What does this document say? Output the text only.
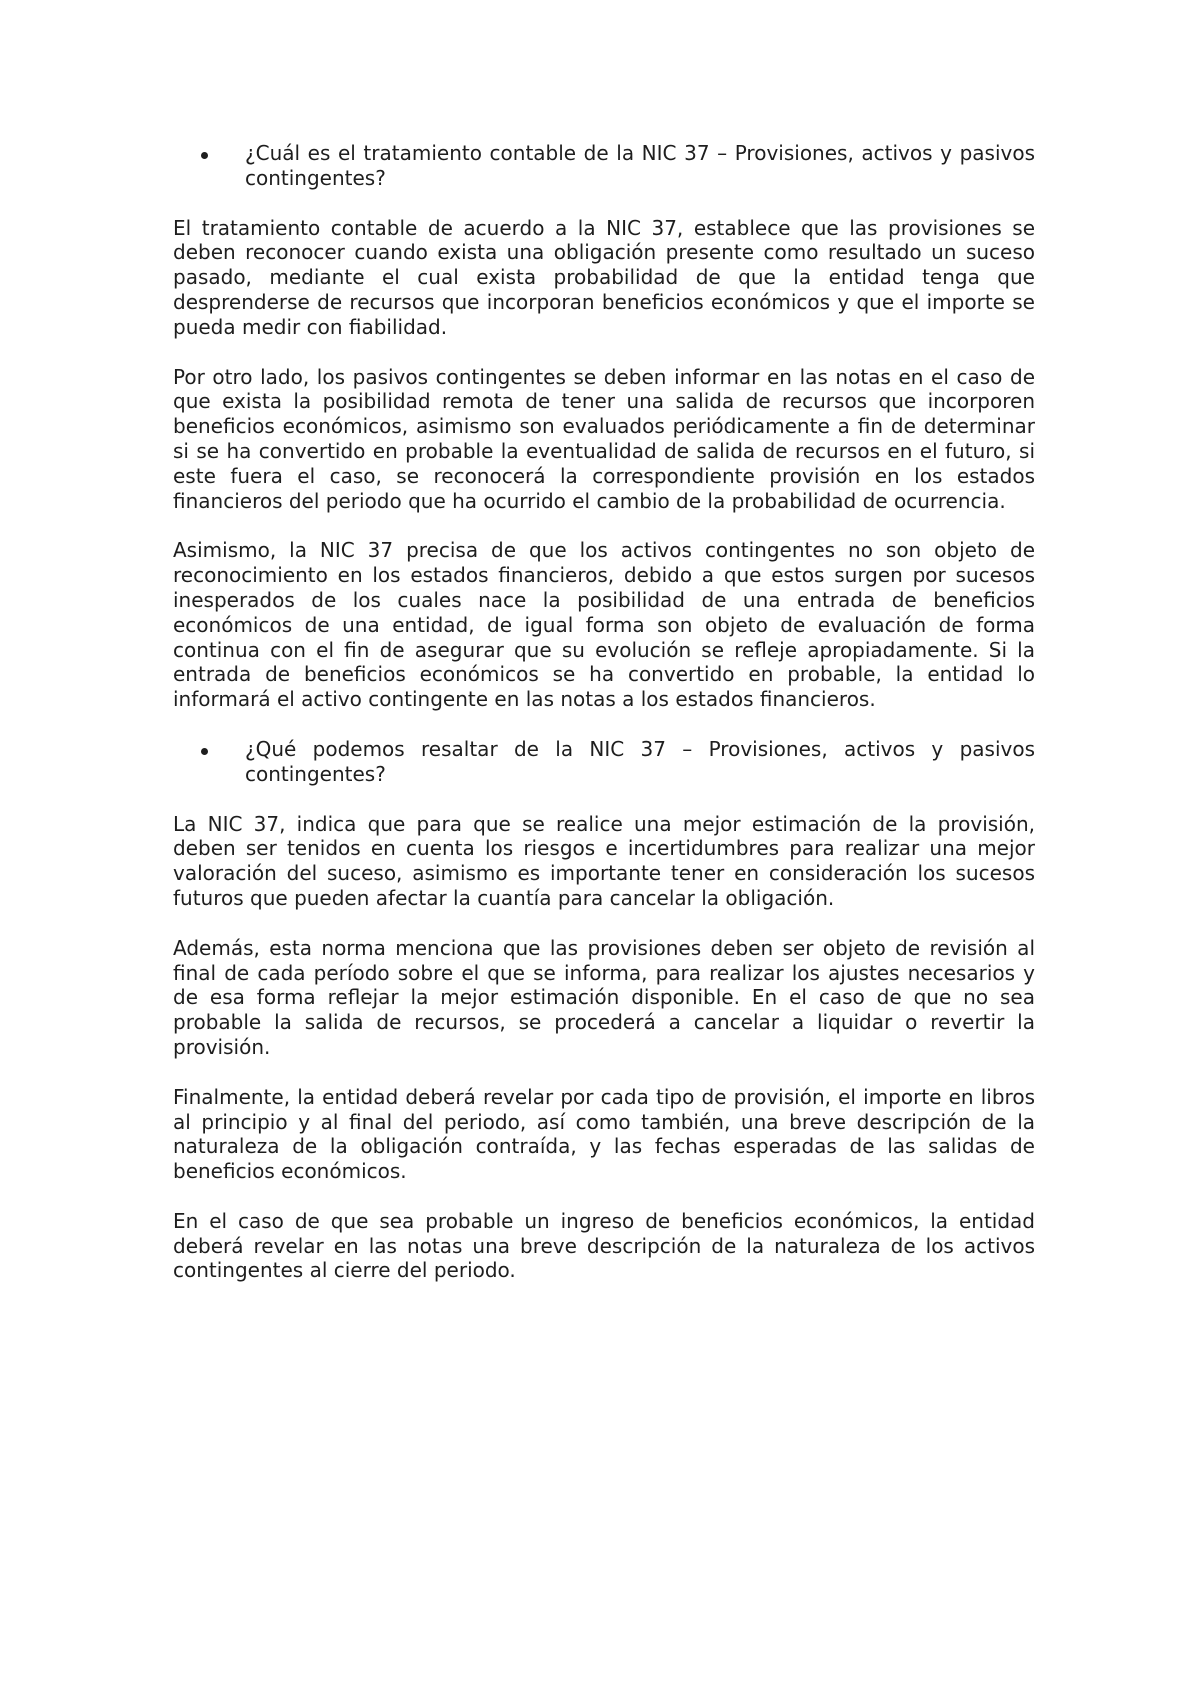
¿Cuál es el tratamiento contable de la NIC 37 – Provisiones, activos y pasivos contingentes?

El tratamiento contable de acuerdo a la NIC 37, establece que las provisiones se deben reconocer cuando exista una obligación presente como resultado un suceso pasado, mediante el cual exista probabilidad de que la entidad tenga que desprenderse de recursos que incorporan beneficios económicos y que el importe se pueda medir con fiabilidad.

Por otro lado, los pasivos contingentes se deben informar en las notas en el caso de que exista la posibilidad remota de tener una salida de recursos que incorporen beneficios económicos, asimismo son evaluados periódicamente a fin de determinar si se ha convertido en probable la eventualidad de salida de recursos en el futuro, si este fuera el caso, se reconocerá la correspondiente provisión en los estados financieros del periodo que ha ocurrido el cambio de la probabilidad de ocurrencia.

Asimismo, la NIC 37 precisa de que los activos contingentes no son objeto de reconocimiento en los estados financieros, debido a que estos surgen por sucesos inesperados de los cuales nace la posibilidad de una entrada de beneficios económicos de una entidad, de igual forma son objeto de evaluación de forma continua con el fin de asegurar que su evolución se refleje apropiadamente. Si la entrada de beneficios económicos se ha convertido en probable, la entidad lo informará el activo contingente en las notas a los estados financieros.

¿Qué podemos resaltar de la NIC 37 – Provisiones, activos y pasivos contingentes?

La NIC 37, indica que para que se realice una mejor estimación de la provisión, deben ser tenidos en cuenta los riesgos e incertidumbres para realizar una mejor valoración del suceso, asimismo es importante tener en consideración los sucesos futuros que pueden afectar la cuantía para cancelar la obligación.

Además, esta norma menciona que las provisiones deben ser objeto de revisión al final de cada período sobre el que se informa, para realizar los ajustes necesarios y de esa forma reflejar la mejor estimación disponible. En el caso de que no sea probable la salida de recursos, se procederá a cancelar a liquidar o revertir la provisión.

Finalmente, la entidad deberá revelar por cada tipo de provisión, el importe en libros al principio y al final del periodo, así como también, una breve descripción de la naturaleza de la obligación contraída, y las fechas esperadas de las salidas de beneficios económicos.

En el caso de que sea probable un ingreso de beneficios económicos, la entidad deberá revelar en las notas una breve descripción de la naturaleza de los activos contingentes al cierre del periodo.
